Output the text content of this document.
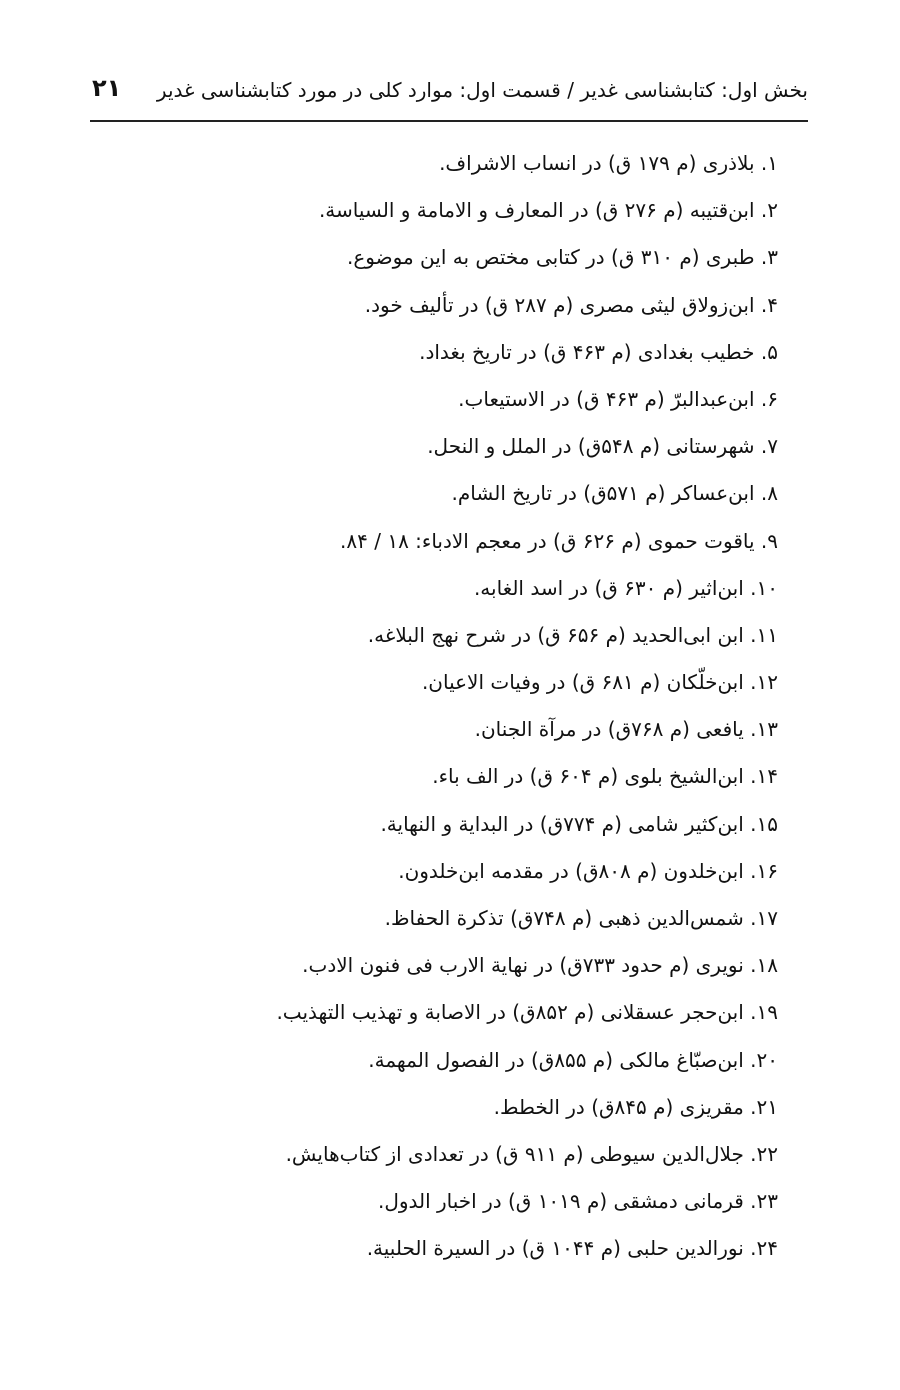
بخش اول: کتابشناسی غدیر / قسمت اول: موارد کلی در مورد کتابشناسی غدیر
۲۱
۱. بلاذری (م ۱۷۹ ق) در انساب الاشراف.
۲. ابن‌قتیبه (م ۲۷۶ ق) در المعارف و الامامة و السیاسة.
۳. طبری (م ۳۱۰ ق) در کتابی مختص به این موضوع.
۴. ابن‌زولاق لیثی مصری (م ۲۸۷ ق) در تألیف خود.
۵. خطیب بغدادی (م ۴۶۳ ق) در تاریخ بغداد.
۶. ابن‌عبدالبرّ (م ۴۶۳ ق) در الاستیعاب.
۷. شهرستانی (م ۵۴۸ق) در الملل و النحل.
۸. ابن‌عساکر (م ۵۷۱ق) در تاریخ الشام.
۹. یاقوت حموی (م ۶۲۶ ق) در معجم الادباء: ۱۸ / ۸۴.
۱۰. ابن‌اثیر (م ۶۳۰ ق) در اسد الغابه.
۱۱. ابن ابی‌الحدید (م ۶۵۶ ق) در شرح نهج البلاغه.
۱۲. ابن‌خلّکان (م ۶۸۱ ق) در وفیات الاعیان.
۱۳. یافعی (م ۷۶۸ق) در مرآة الجنان.
۱۴. ابن‌الشیخ بلوی (م ۶۰۴ ق) در الف باء.
۱۵. ابن‌کثیر شامی (م ۷۷۴ق) در البدایة و النهایة.
۱۶. ابن‌خلدون (م ۸۰۸ق) در مقدمه ابن‌خلدون.
۱۷. شمس‌الدین ذهبی (م ۷۴۸ق) تذکرة الحفاظ.
۱۸. نویری (م حدود ۷۳۳ق) در نهایة الارب فی فنون الادب.
۱۹. ابن‌حجر عسقلانی (م ۸۵۲ق) در الاصابة و تهذیب التهذیب.
۲۰. ابن‌صبّاغ مالکی (م ۸۵۵ق) در الفصول المهمة.
۲۱. مقریزی (م ۸۴۵ق) در الخطط.
۲۲. جلال‌الدین سیوطی (م ۹۱۱ ق) در تعدادی از کتاب‌هایش.
۲۳. قرمانی دمشقی (م ۱۰۱۹ ق) در اخبار الدول.
۲۴. نورالدین حلبی (م ۱۰۴۴ ق) در السیرة الحلبیة.
